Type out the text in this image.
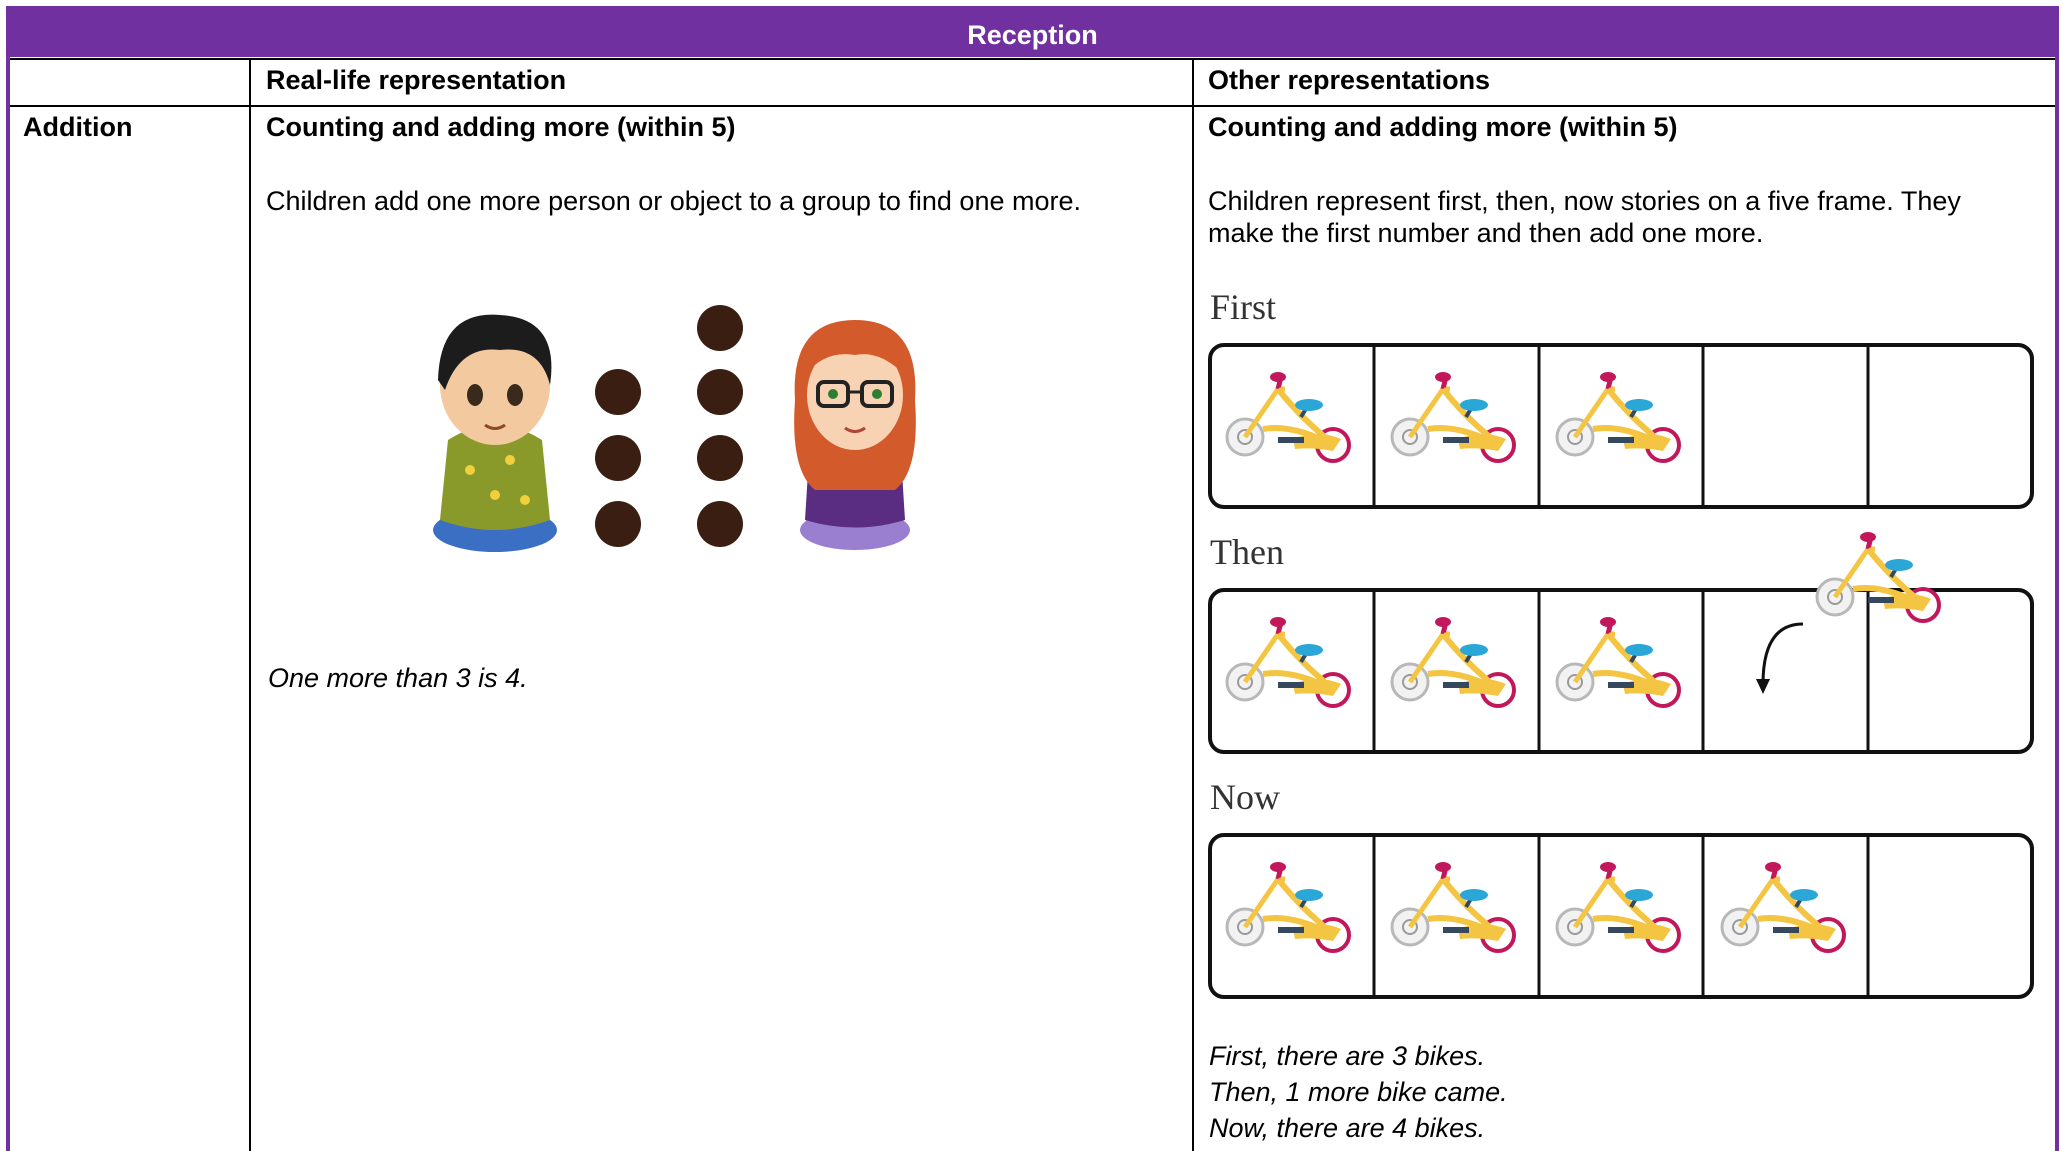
Reception
Real-life representation	Other representations
Addition	Counting and adding more (within 5)
Children add one more person or object to a group to find one more.
One more than 3 is 4.
Counting and adding more (within 5)
Children represent first, then, now stories on a five frame. They
make the first number and then add one more.
First
Then
Now
First, there are 3 bikes.
Then, 1 more bike came.
Now, there are 4 bikes.
